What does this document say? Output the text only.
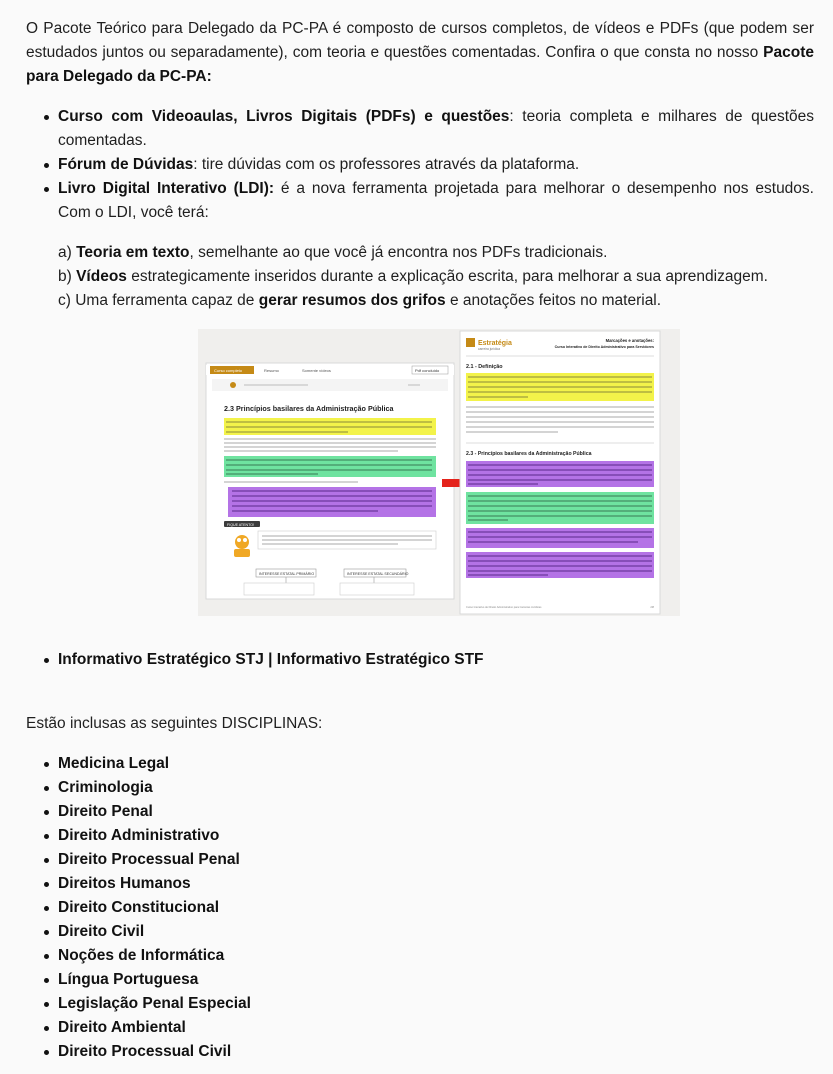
O Pacote Teórico para Delegado da PC-PA é composto de cursos completos, de vídeos e PDFs (que podem ser estudados juntos ou separadamente), com teoria e questões comentadas. Confira o que consta no nosso Pacote para Delegado da PC-PA:

Curso com Videoaulas, Livros Digitais (PDFs) e questões: teoria completa e milhares de questões comentadas.
Fórum de Dúvidas: tire dúvidas com os professores através da plataforma.
Livro Digital Interativo (LDI): é a nova ferramenta projetada para melhorar o desempenho nos estudos. Com o LDI, você terá:

a) Teoria em texto, semelhante ao que você já encontra nos PDFs tradicionais.

b) Vídeos estrategicamente inseridos durante a explicação escrita, para melhorar a sua aprendizagem.

c) Uma ferramenta capaz de gerar resumos dos grifos e anotações feitos no material.

Curso completo	Resumo	Somente vídeos	Pdf concluído
2.3 Princípios basilares da Administração Pública
FIQUE ATENTO!
INTERESSE ESTATAL PRIMÁRIO	INTERESSE ESTATAL SECUNDÁRIO
Estratégia
carreira jurídica
Marcações e anotações:
Curso Interativo de Direito Administrativo para Servidores
2.1 - Definição
2.3 - Princípios basilares da Administração Pública
Curso Interativo de Direito Administrativo para Carreiras Jurídicas	2/8
Informativo Estratégico STJ | Informativo Estratégico STF

Estão inclusas as seguintes DISCIPLINAS:

Medicina Legal
Criminologia
Direito Penal
Direito Administrativo
Direito Processual Penal
Direitos Humanos
Direito Constitucional
Direito Civil
Noções de Informática
Língua Portuguesa
Legislação Penal Especial
Direito Ambiental
Direito Processual Civil
